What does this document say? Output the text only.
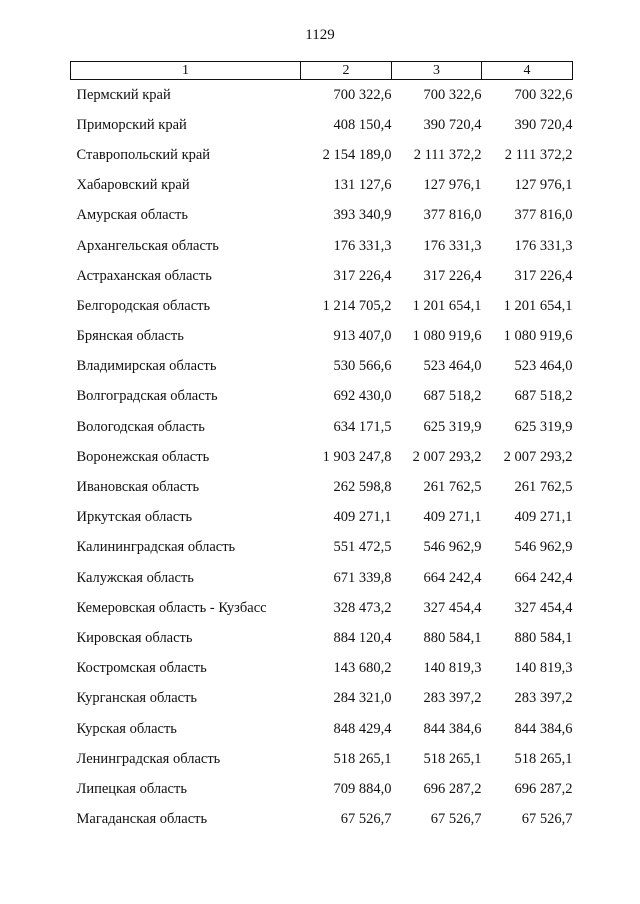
1129
1	2	3	4
Пермский край	700 322,6	700 322,6	700 322,6
Приморский край	408 150,4	390 720,4	390 720,4
Ставропольский край	2 154 189,0	2 111 372,2	2 111 372,2
Хабаровский край	131 127,6	127 976,1	127 976,1
Амурская область	393 340,9	377 816,0	377 816,0
Архангельская область	176 331,3	176 331,3	176 331,3
Астраханская область	317 226,4	317 226,4	317 226,4
Белгородская область	1 214 705,2	1 201 654,1	1 201 654,1
Брянская область	913 407,0	1 080 919,6	1 080 919,6
Владимирская область	530 566,6	523 464,0	523 464,0
Волгоградская область	692 430,0	687 518,2	687 518,2
Вологодская область	634 171,5	625 319,9	625 319,9
Воронежская область	1 903 247,8	2 007 293,2	2 007 293,2
Ивановская область	262 598,8	261 762,5	261 762,5
Иркутская область	409 271,1	409 271,1	409 271,1
Калининградская область	551 472,5	546 962,9	546 962,9
Калужская область	671 339,8	664 242,4	664 242,4
Кемеровская область - Кузбасс	328 473,2	327 454,4	327 454,4
Кировская область	884 120,4	880 584,1	880 584,1
Костромская область	143 680,2	140 819,3	140 819,3
Курганская область	284 321,0	283 397,2	283 397,2
Курская область	848 429,4	844 384,6	844 384,6
Ленинградская область	518 265,1	518 265,1	518 265,1
Липецкая область	709 884,0	696 287,2	696 287,2
Магаданская область	67 526,7	67 526,7	67 526,7
